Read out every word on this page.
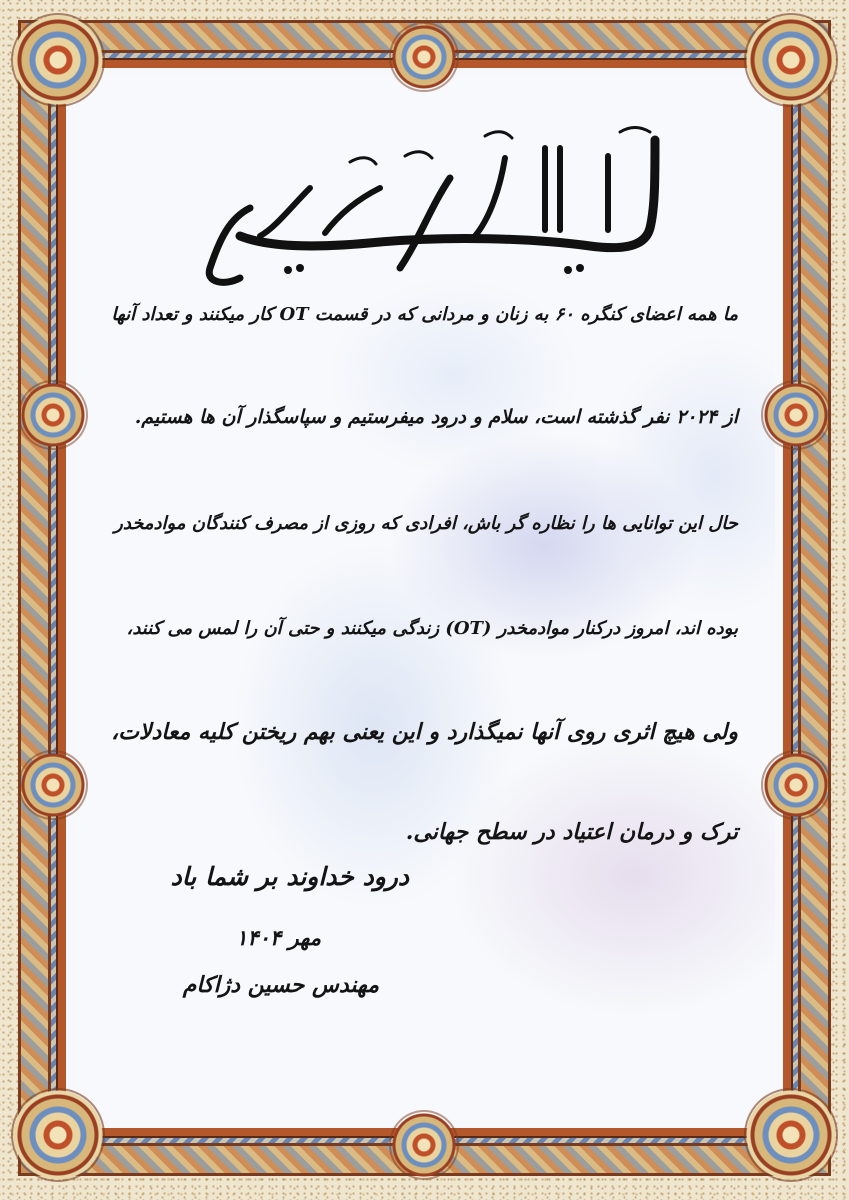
ما همه اعضای کنگره ۶۰ به زنان و مردانی که در قسمت OT کار میکنند و تعداد آنها
از ۲۰۲۴ نفر گذشته است، سلام و درود میفرستیم و سپاسگذار آن ها هستیم.
حال این توانایی ها را نظاره گر باش، افرادی که روزی از مصرف کنندگان موادمخدر
بوده اند، امروز درکنار موادمخدر (OT) زندگی میکنند و حتی آن را لمس می کنند،
ولی هیچ اثری روی آنها نمیگذارد و این یعنی بهم ریختن کلیه معادلات،
ترک و درمان اعتیاد در سطح جهانی.
درود خداوند بر شما باد
مهر ۱۴۰۴
مهندس حسین دژاکام
